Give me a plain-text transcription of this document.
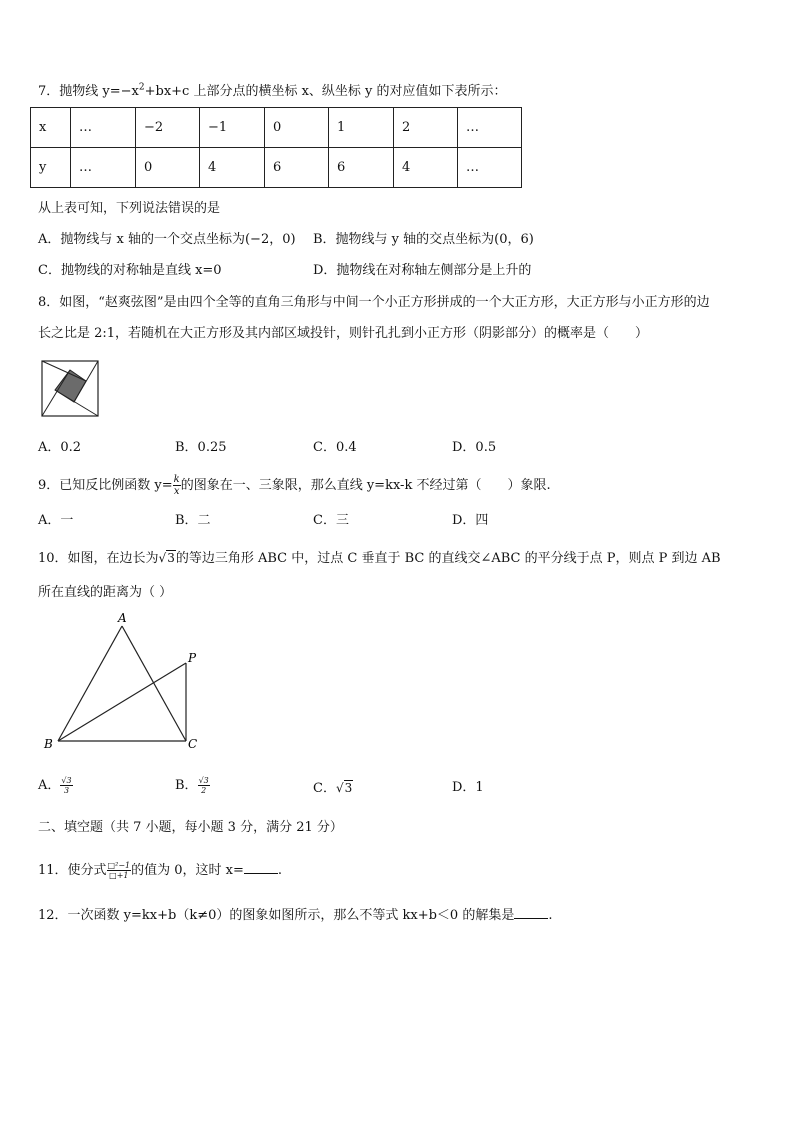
7．抛物线 $y=-x^2+bx+c$ 上部分点的横坐标 x、纵坐标 y 的对应值如下表所示：
x	…	−2	−1	0	1	2	…
y	…	0	4	6	6	4	…
从上表可知，下列说法错误的是
A．抛物线与 x 轴的一个交点坐标为(−2，0) B．抛物线与 y 轴的交点坐标为(0，6)
C．抛物线的对称轴是直线 x=0	D．抛物线在对称轴左侧部分是上升的
8．如图，“赵爽弦图”是由四个全等的直角三角形与中间一个小正方形拼成的一个大正方形，大正方形与小正方形的边
长之比是 2:1，若随机在大正方形及其内部区域投针，则针孔扎到小正方形（阴影部分）的概率是（　　）
A．0.2	B．0.25	C．0.4	D．0.5
9．已知反比例函数 $y= \frac{k}{x}$ 的图象在一、三象限，那么直线 y=kx-k 不经过第（　　）象限.
A．一	B．二	C．三	D．四
10．如图，在边长为√3的等边三角形 ABC 中，过点 C 垂直于 BC 的直线交∠ABC 的平分线于点 P，则点 P 到边 AB
所在直线的距离为（ ）
A
B	C
P
A． $\frac{√3}{3}$	B． $\frac{√3}{2}$	C．√3	D．1
二、填空题（共 7 小题，每小题 3 分，满分 21 分）
11．使分式 $\frac{\text{□²−1}}{□+1}$ 的值为 0，这时 x=	.
12．一次函数 y=kx+b（k≠0）的图象如图所示，那么不等式 kx+b＜0 的解集是	.
